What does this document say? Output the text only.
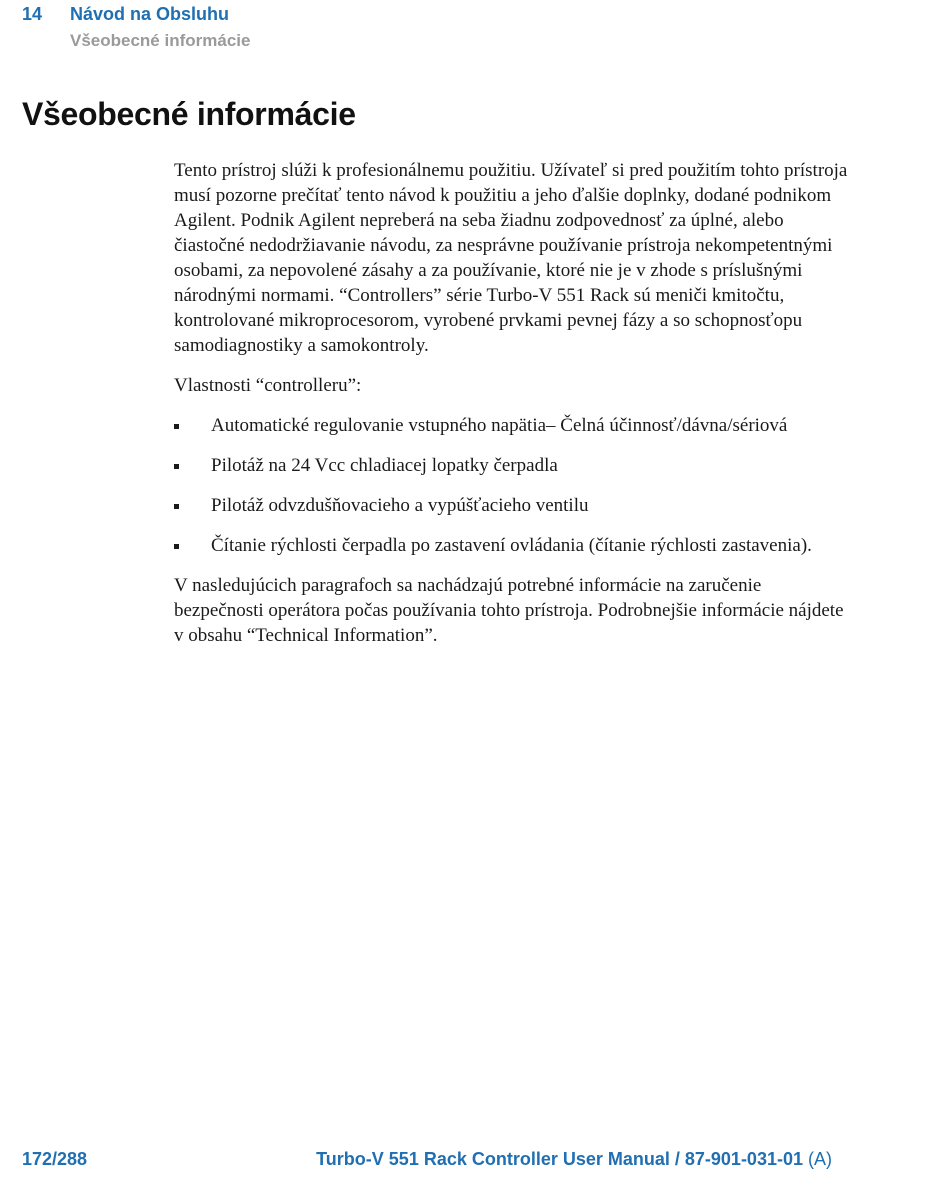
14 Návod na Obsluhu
Všeobecné informácie
Všeobecné informácie

Tento prístroj slúži k profesionálnemu použitiu. Užívateľ si pred použitím tohto prístroja musí pozorne prečítať tento návod k použitiu a jeho ďalšie doplnky, dodané podnikom Agilent. Podnik Agilent nepreberá na seba žiadnu zodpovednosť za úplné, alebo čiastočné nedodržiavanie návodu, za nesprávne používanie prístroja nekompetentnými osobami, za nepovolené zásahy a za používanie, ktoré nie je v zhode s príslušnými národnými normami. “Controllers” série Turbo-V 551 Rack sú meniči kmitočtu, kontrolované mikroprocesorom, vyrobené prvkami pevnej fázy a so schopnosťopu samodiagnostiky a samokontroly.

Vlastnosti “controlleru”:

Automatické regulovanie vstupného napätia– Čelná účinnosť/dávna/sériová
Pilotáž na 24 Vcc chladiacej lopatky čerpadla
Pilotáž odvzdušňovacieho a vypúšťacieho ventilu
Čítanie rýchlosti čerpadla po zastavení ovládania (čítanie rýchlosti zastavenia).

V nasledujúcich paragrafoch sa nachádzajú potrebné informácie na zaručenie bezpečnosti operátora počas používania tohto prístroja. Podrobnejšie informácie nájdete v obsahu “Technical Information”.

172/288	Turbo-V 551 Rack Controller User Manual / 87-901-031-01 (A)
